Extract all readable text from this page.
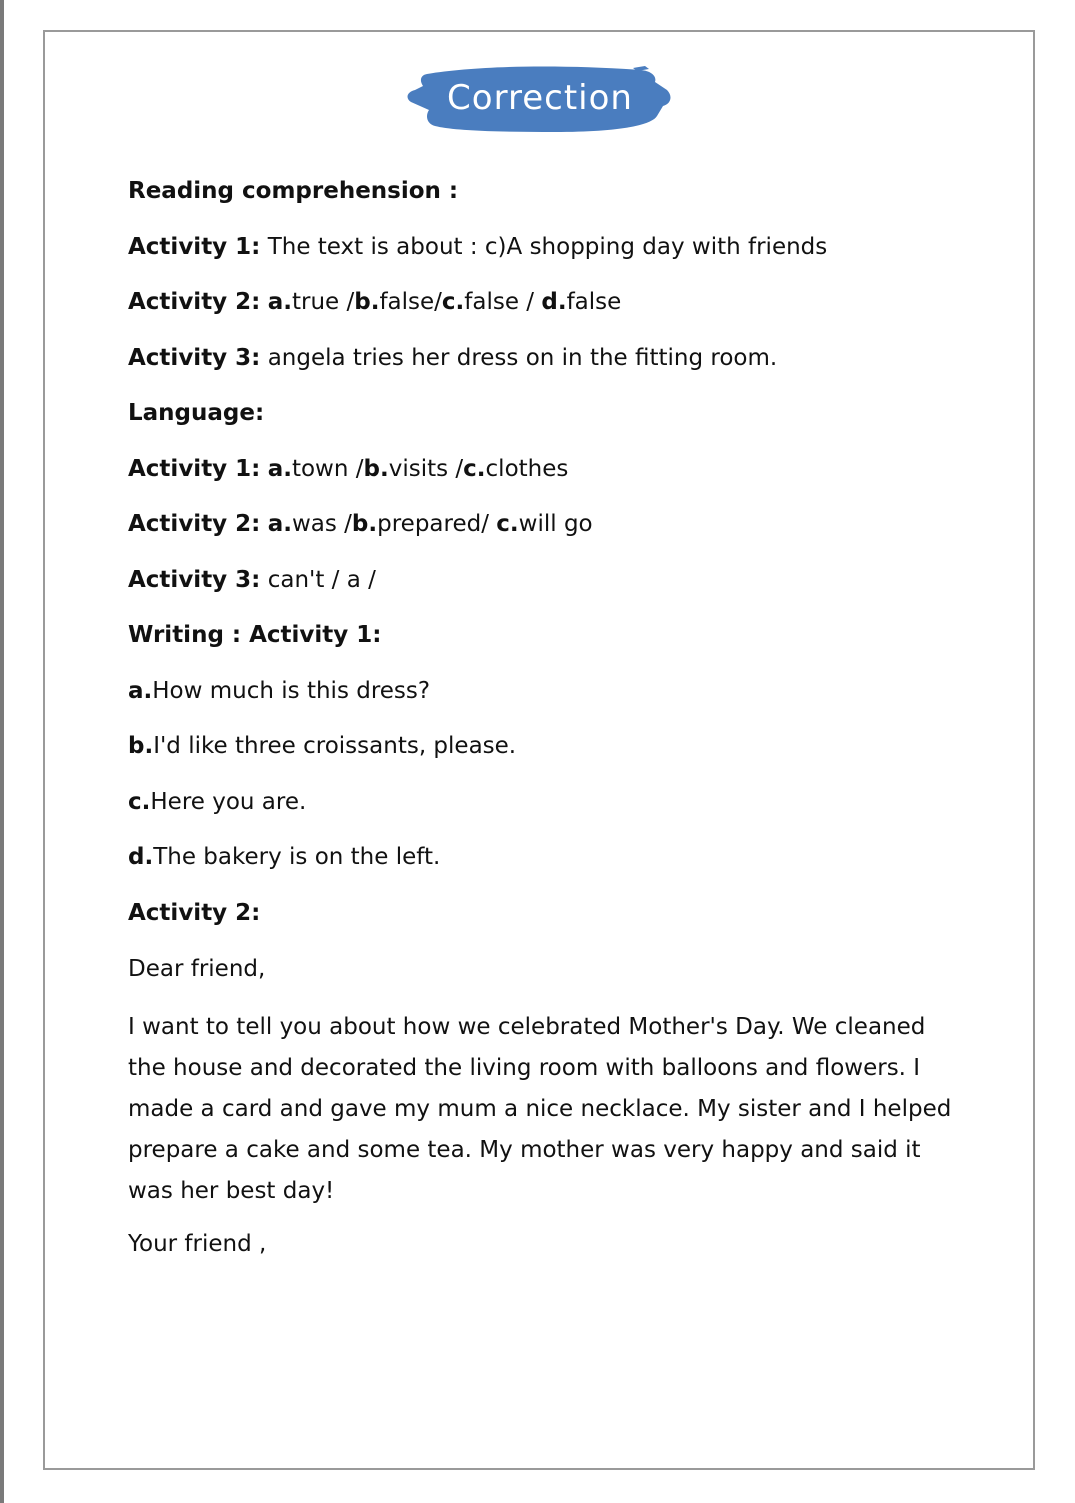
Correction
Reading comprehension :
Activity 1: The text is about : c)A shopping day with friends
Activity 2: a.true /b.false/c.false / d.false
Activity 3: angela tries her dress on in the fitting room.
Language:
Activity 1: a.town /b.visits /c.clothes
Activity 2: a.was /b.prepared/ c.will go
Activity 3: can't / a /
Writing : Activity 1:
a.How much is this dress?
b.I'd like three croissants, please.
c.Here you are.
d.The bakery is on the left.
Activity 2:
Dear friend,
I want to tell you about how we celebrated Mother's Day. We cleaned the house and decorated the living room with balloons and flowers. I made a card and gave my mum a nice necklace. My sister and I helped prepare a cake and some tea. My mother was very happy and said it was her best day!
Your friend ,
